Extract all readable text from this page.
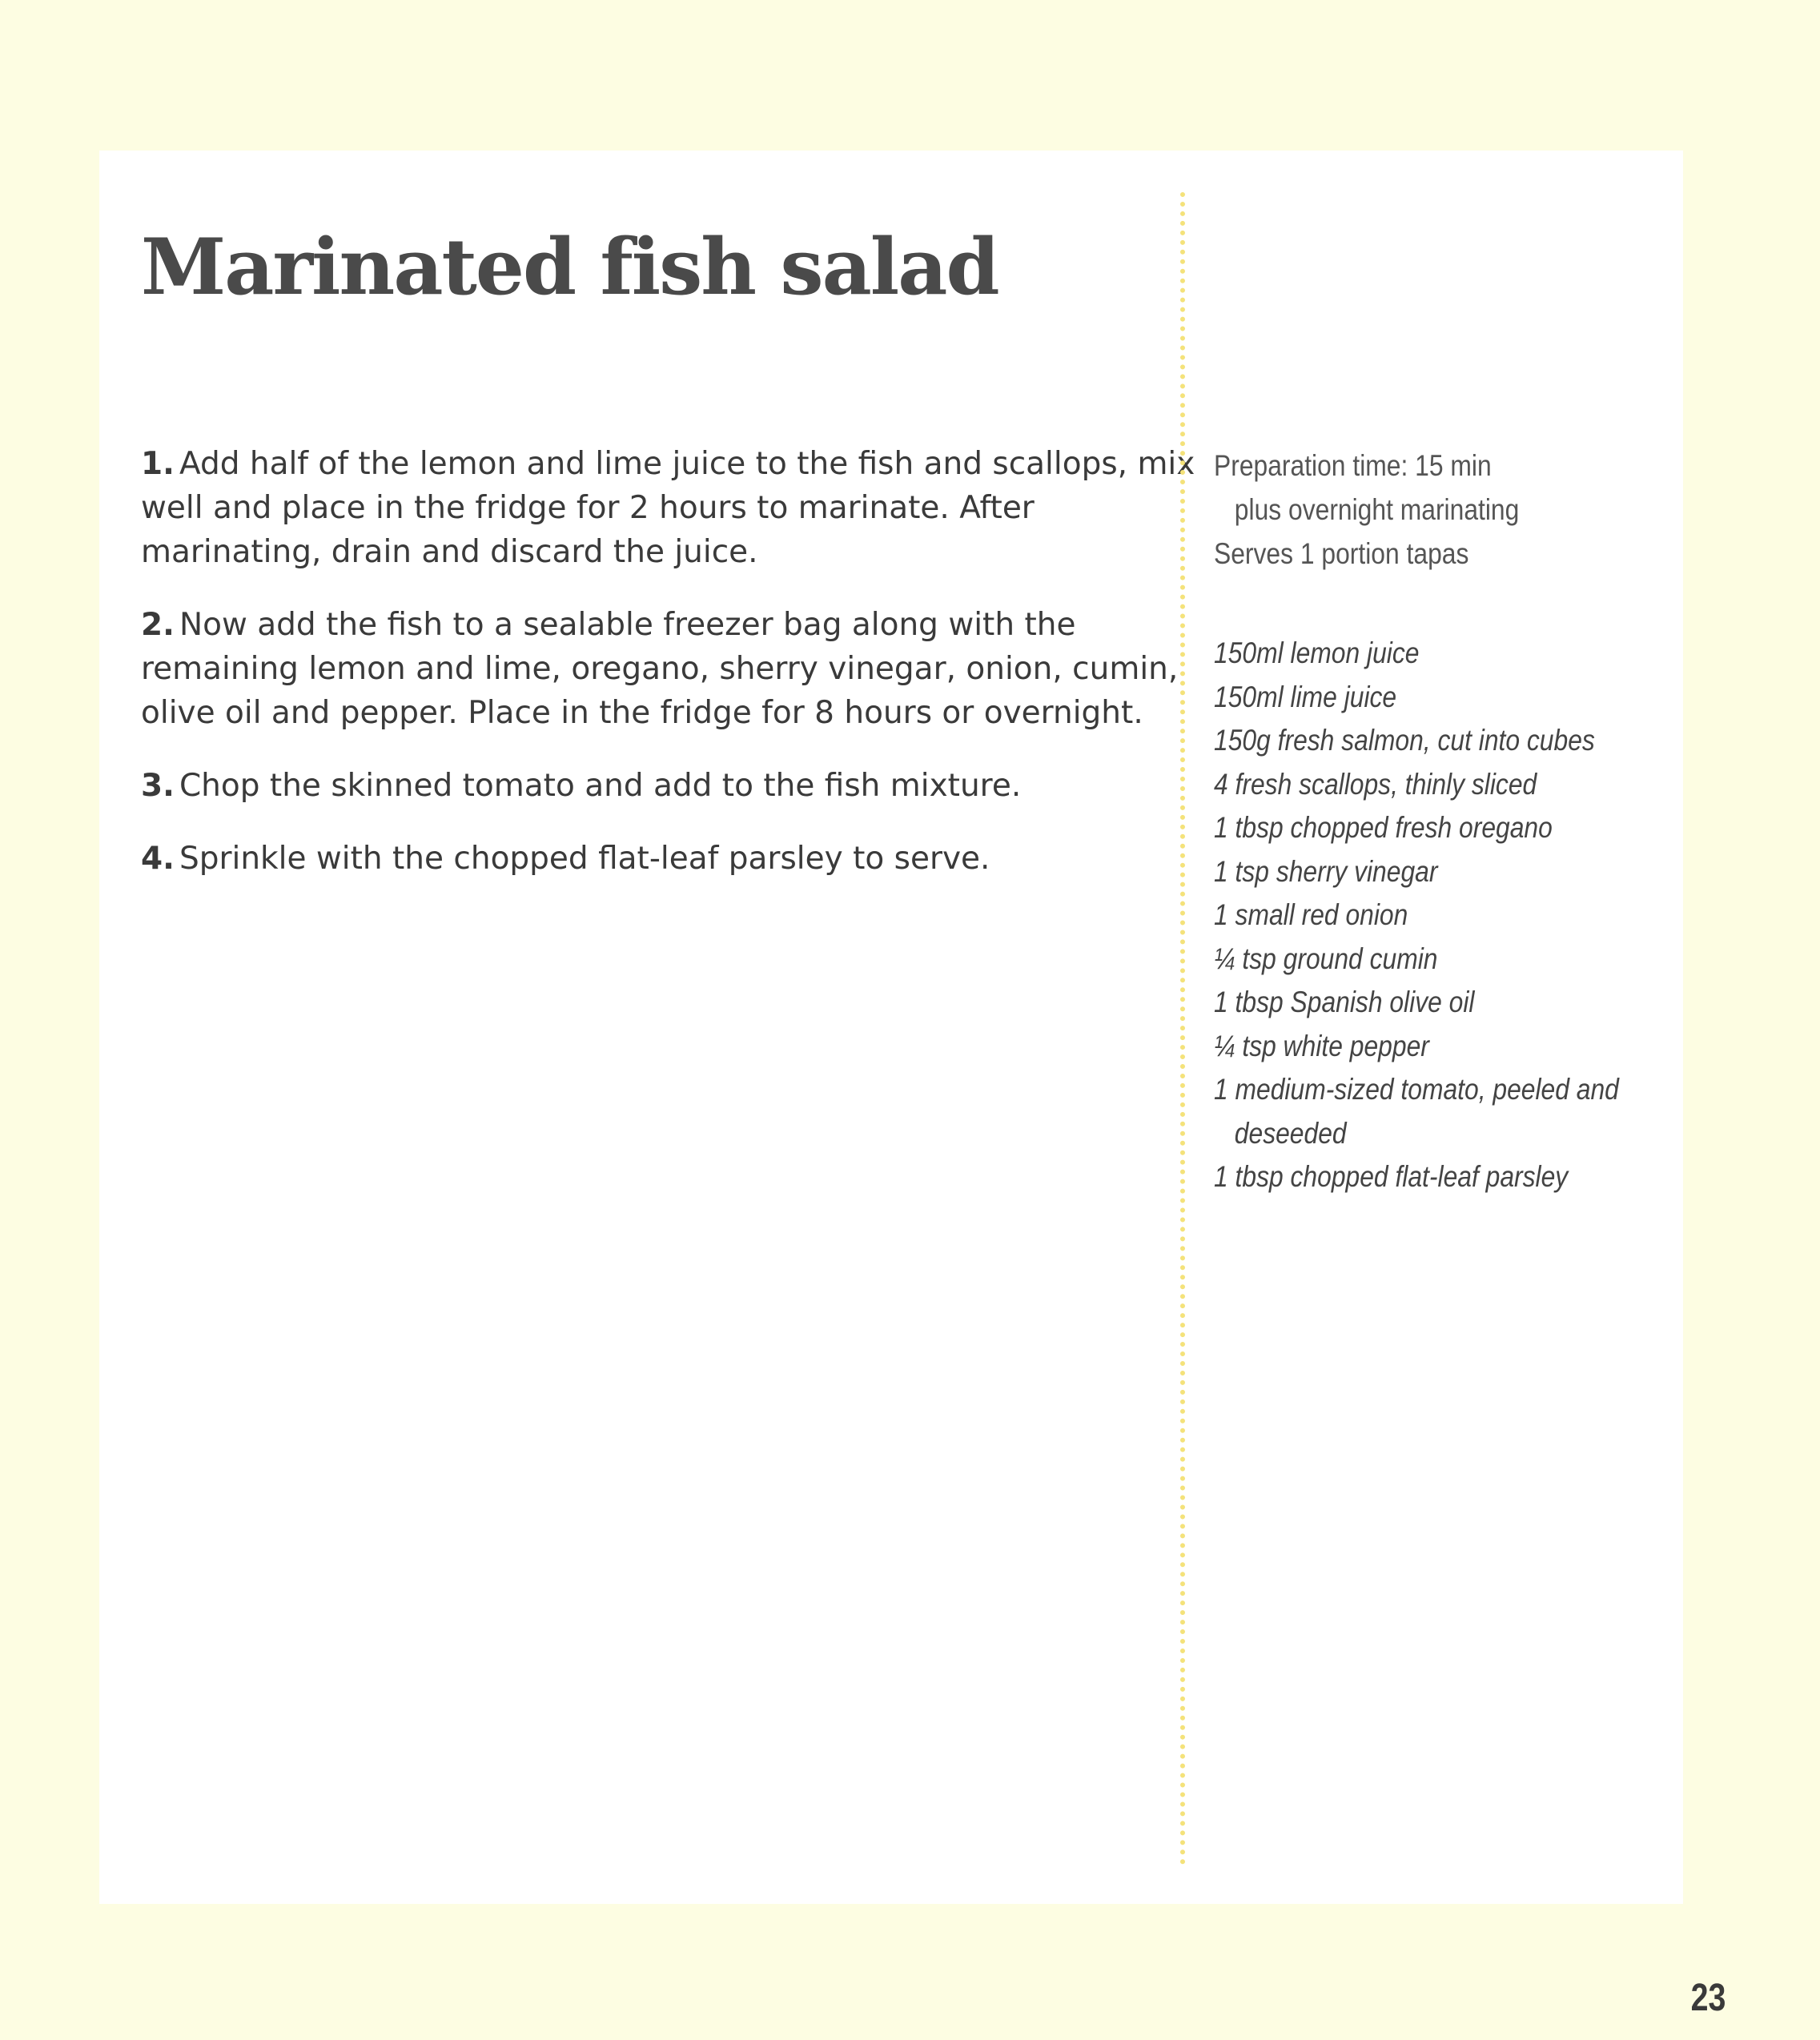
Marinated fish salad

1. Add half of the lemon and lime juice to the fish and scallops, mix well and place in the fridge for 2 hours to marinate. After marinating, drain and discard the juice.

2. Now add the fish to a sealable freezer bag along with the remaining lemon and lime, oregano, sherry vinegar, onion, cumin, olive oil and pepper. Place in the fridge for 8 hours or overnight.

3. Chop the skinned tomato and add to the fish mixture.

4. Sprinkle with the chopped flat-leaf parsley to serve.

Preparation time: 15 min

plus overnight marinating

Serves 1 portion tapas

150ml lemon juice
150ml lime juice
150g fresh salmon, cut into cubes
4 fresh scallops, thinly sliced
1 tbsp chopped fresh oregano
1 tsp sherry vinegar
1 small red onion
¼ tsp ground cumin
1 tbsp Spanish olive oil
¼ tsp white pepper
1 medium-sized tomato, peeled and
deseeded
1 tbsp chopped flat-leaf parsley

23
